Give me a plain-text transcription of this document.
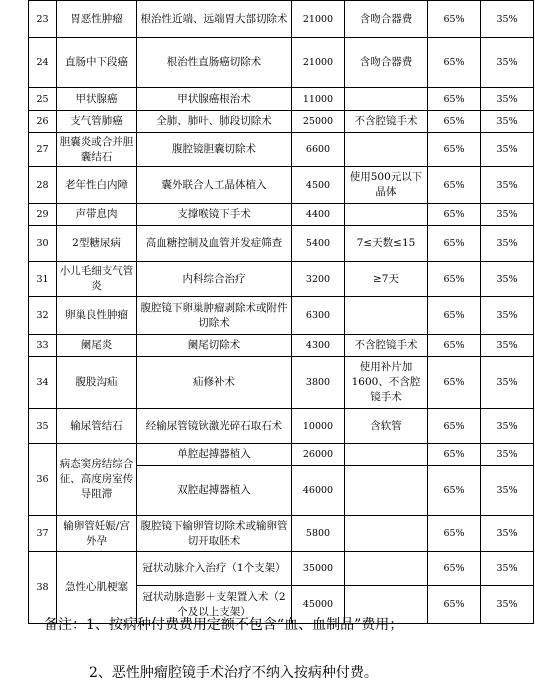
23	胃恶性肿瘤	根治性近端、远端胃大部切除术	21000	含吻合器费	65%	35%
24	直肠中下段癌	根治性直肠癌切除术	21000	含吻合器费	65%	35%
25	甲状腺癌	甲状腺癌根治术	11000		65%	35%
26	支气管肺癌	全肺、肺叶、肺段切除术	25000	不含腔镜手术	65%	35%
27	胆囊炎或合并胆囊结石	腹腔镜胆囊切除术	6600		65%	35%
28	老年性白内障	囊外联合人工晶体植入	4500	使用500元以下晶体	65%	35%
29	声带息肉	支撑喉镜下手术	4400		65%	35%
30	2型糖尿病	高血糖控制及血管并发症筛查	5400	7≤天数≤15	65%	35%
31	小儿毛细支气管炎	内科综合治疗	3200	≥7天	65%	35%
32	卵巢良性肿瘤	腹腔镜下卵巢肿瘤剥除术或附件切除术	6300		65%	35%
33	阑尾炎	阑尾切除术	4300	不含腔镜手术	65%	35%
34	腹股沟疝	疝修补术	3800	使用补片加1600、不含腔镜手术	65%	35%
35	输尿管结石	经输尿管镜钬激光碎石取石术	10000	含软管	65%	35%
36	病态窦房结综合征、高度房室传导阻滞	单腔起搏器植入	26000		65%	35%
		双腔起搏器植入	46000		65%	35%
37	输卵管妊娠/宫外孕	腹腔镜下输卵管切除术或输卵管切开取胚术	5800		65%	35%
38	急性心肌梗塞	冠状动脉介入治疗（1个支架）	35000		65%	35%
		冠状动脉造影＋支架置入术（2个及以上支架）	45000		65%	35%
备注：1、按病种付费费用定额不包含“血、血制品”费用；
2、恶性肿瘤腔镜手术治疗不纳入按病种付费。
